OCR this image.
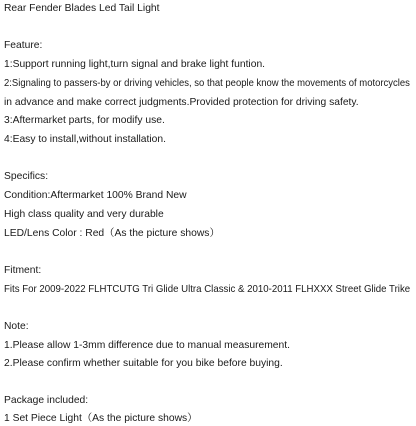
Rear Fender Blades Led Tail Light
Feature:
1:Support running light,turn signal and brake light funtion.
2:Signaling to passers-by or driving vehicles, so that people know the movements of motorcycles
in advance and make correct judgments.Provided protection for driving safety.
3:Aftermarket parts, for modify use.
4:Easy to install,without installation.
Specifics:
Condition:Aftermarket 100% Brand New
High class quality and very durable
LED/Lens Color : Red（As the picture shows）
Fitment:
Fits For 2009-2022 FLHTCUTG Tri Glide Ultra Classic & 2010-2011 FLHXXX Street Glide Trike
Note:
1.Please allow 1-3mm difference due to manual measurement.
2.Please confirm whether suitable for you bike before buying.
Package included:
1 Set Piece Light（As the picture shows）
